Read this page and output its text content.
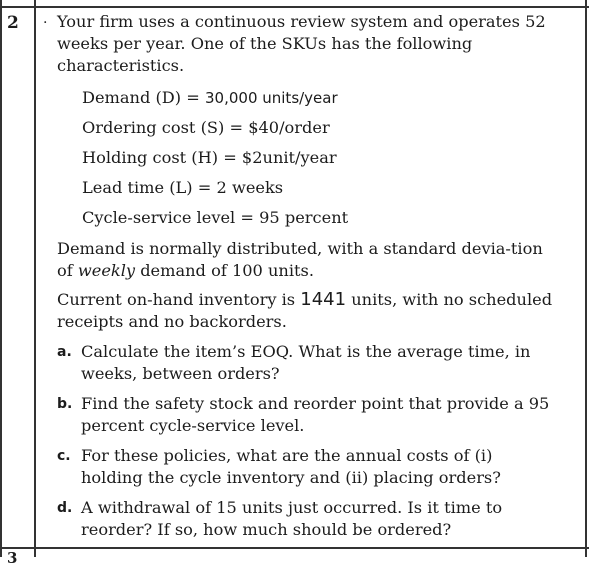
2 . Your firm uses a continuous review system and operates 52 weeks per year. One of the SKUs has the following characteristics.

Demand (D) = 30,000 units/year
Ordering cost (S) = $40/order
Holding cost (H) = $2unit/year
Lead time (L) = 2 weeks
Cycle-service level = 95 percent

Demand is normally distributed, with a standard devia-tion of weekly demand of 100 units.

Current on-hand inventory is 1441 units, with no scheduled receipts and no backorders.

a. Calculate the item’s EOQ. What is the average time, in weeks, between orders?
b. Find the safety stock and reorder point that provide a 95 percent cycle-service level.
c. For these policies, what are the annual costs of (i) holding the cycle inventory and (ii) placing orders?
d. A withdrawal of 15 units just occurred. Is it time to reorder? If so, how much should be ordered?
3
